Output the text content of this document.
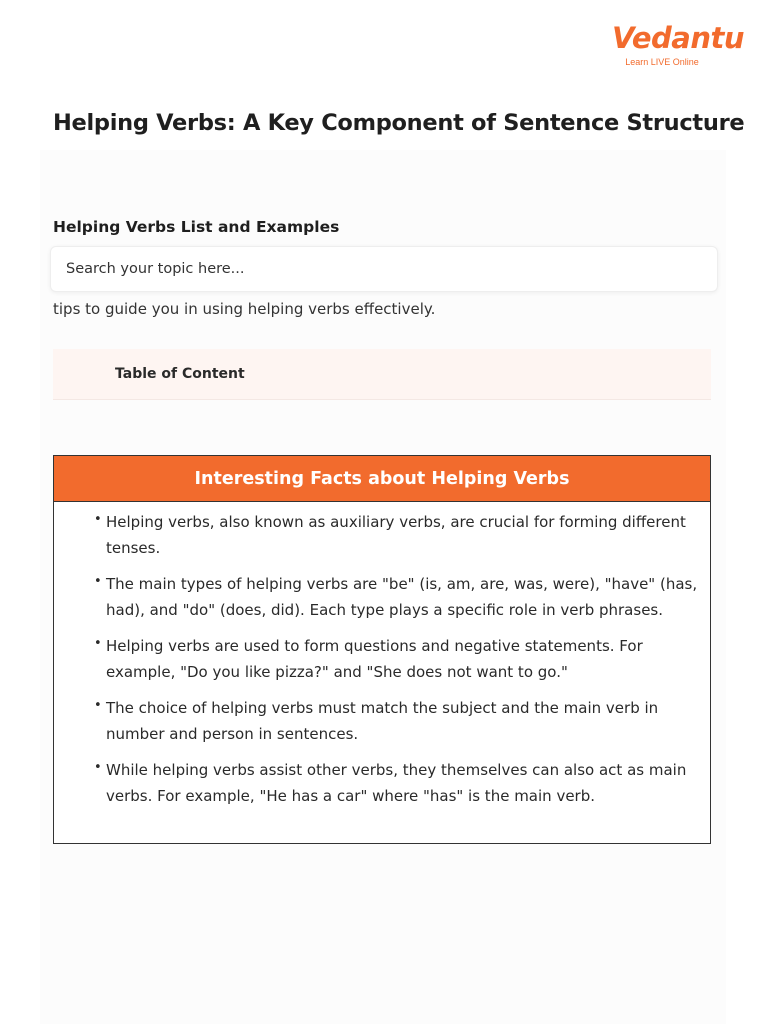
Vedantu
Learn LIVE Online
Helping Verbs: A Key Component of Sentence Structure
Helping Verbs List and Examples

tips to guide you in using helping verbs effectively.

Search your topic here...
Table of Content
Interesting Facts about Helping Verbs
• Helping verbs, also known as auxiliary verbs, are crucial for forming different tenses.
• The main types of helping verbs are "be" (is, am, are, was, were), "have" (has, had), and "do" (does, did). Each type plays a specific role in verb phrases.
• Helping verbs are used to form questions and negative statements. For example, "Do you like pizza?" and "She does not want to go."
• The choice of helping verbs must match the subject and the main verb in number and person in sentences.
• While helping verbs assist other verbs, they themselves can also act as main verbs. For example, "He has a car" where "has" is the main verb.
